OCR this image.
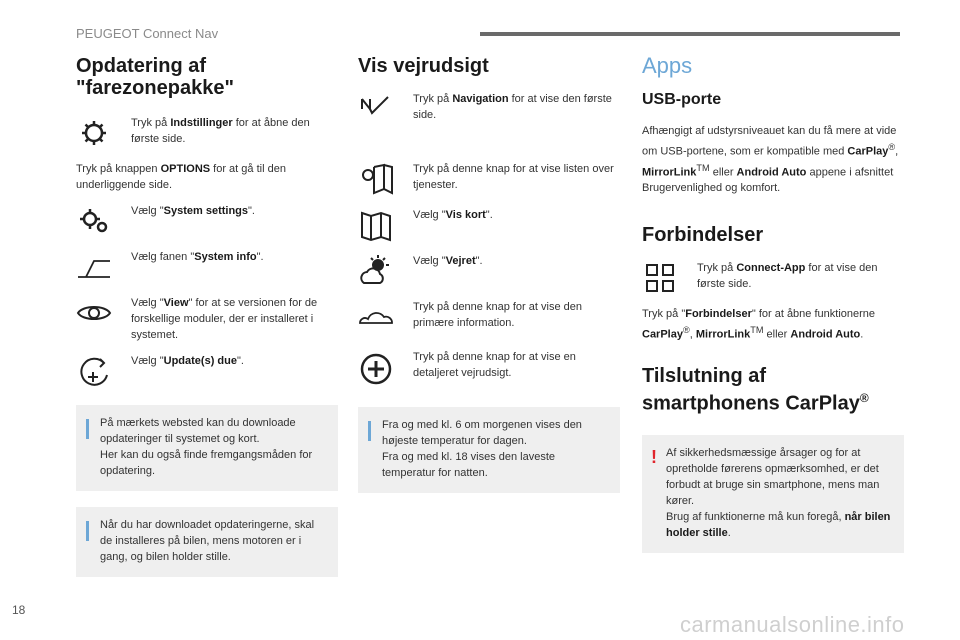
PEUGEOT Connect Nav
Opdatering af "farezonepakke"

Tryk på Indstillinger for at åbne den første side.

Tryk på knappen OPTIONS for at gå til den underliggende side.

Vælg "System settings".

Vælg fanen "System info".

Vælg "View" for at se versionen for de forskellige moduler, der er installeret i systemet.

Vælg "Update(s) due".

På mærkets websted kan du downloade opdateringer til systemet og kort.

Her kan du også finde fremgangsmåden for opdatering.

Når du har downloadet opdateringerne, skal de installeres på bilen, mens motoren er i gang, og bilen holder stille.

Vis vejrudsigt

Tryk på Navigation for at vise den første side.

Tryk på denne knap for at vise listen over tjenester.

Vælg "Vis kort".

Vælg "Vejret".

Tryk på denne knap for at vise den primære information.

Tryk på denne knap for at vise en detaljeret vejrudsigt.

Fra og med kl. 6 om morgenen vises den højeste temperatur for dagen.

Fra og med kl. 18 vises den laveste temperatur for natten.

Apps
USB-porte

Afhængigt af udstyrsniveauet kan du få mere at vide om USB-portene, som er kompatible med CarPlay®, MirrorLink™ eller Android Auto appene i afsnittet Brugervenlighed og komfort.

Forbindelser

Tryk på Connect-App for at vise den første side.

Tryk på "Forbindelser" for at åbne funktionerne CarPlay®, MirrorLink™ eller Android Auto.

Tilslutning af smartphonens CarPlay®
! Af sikkerhedsmæssige årsager og for at opretholde førerens opmærksomhed, er det forbudt at bruge sin smartphone, mens man kører.

Brug af funktionerne må kun foregå, når bilen holder stille.

18
carmanualsonline.info
